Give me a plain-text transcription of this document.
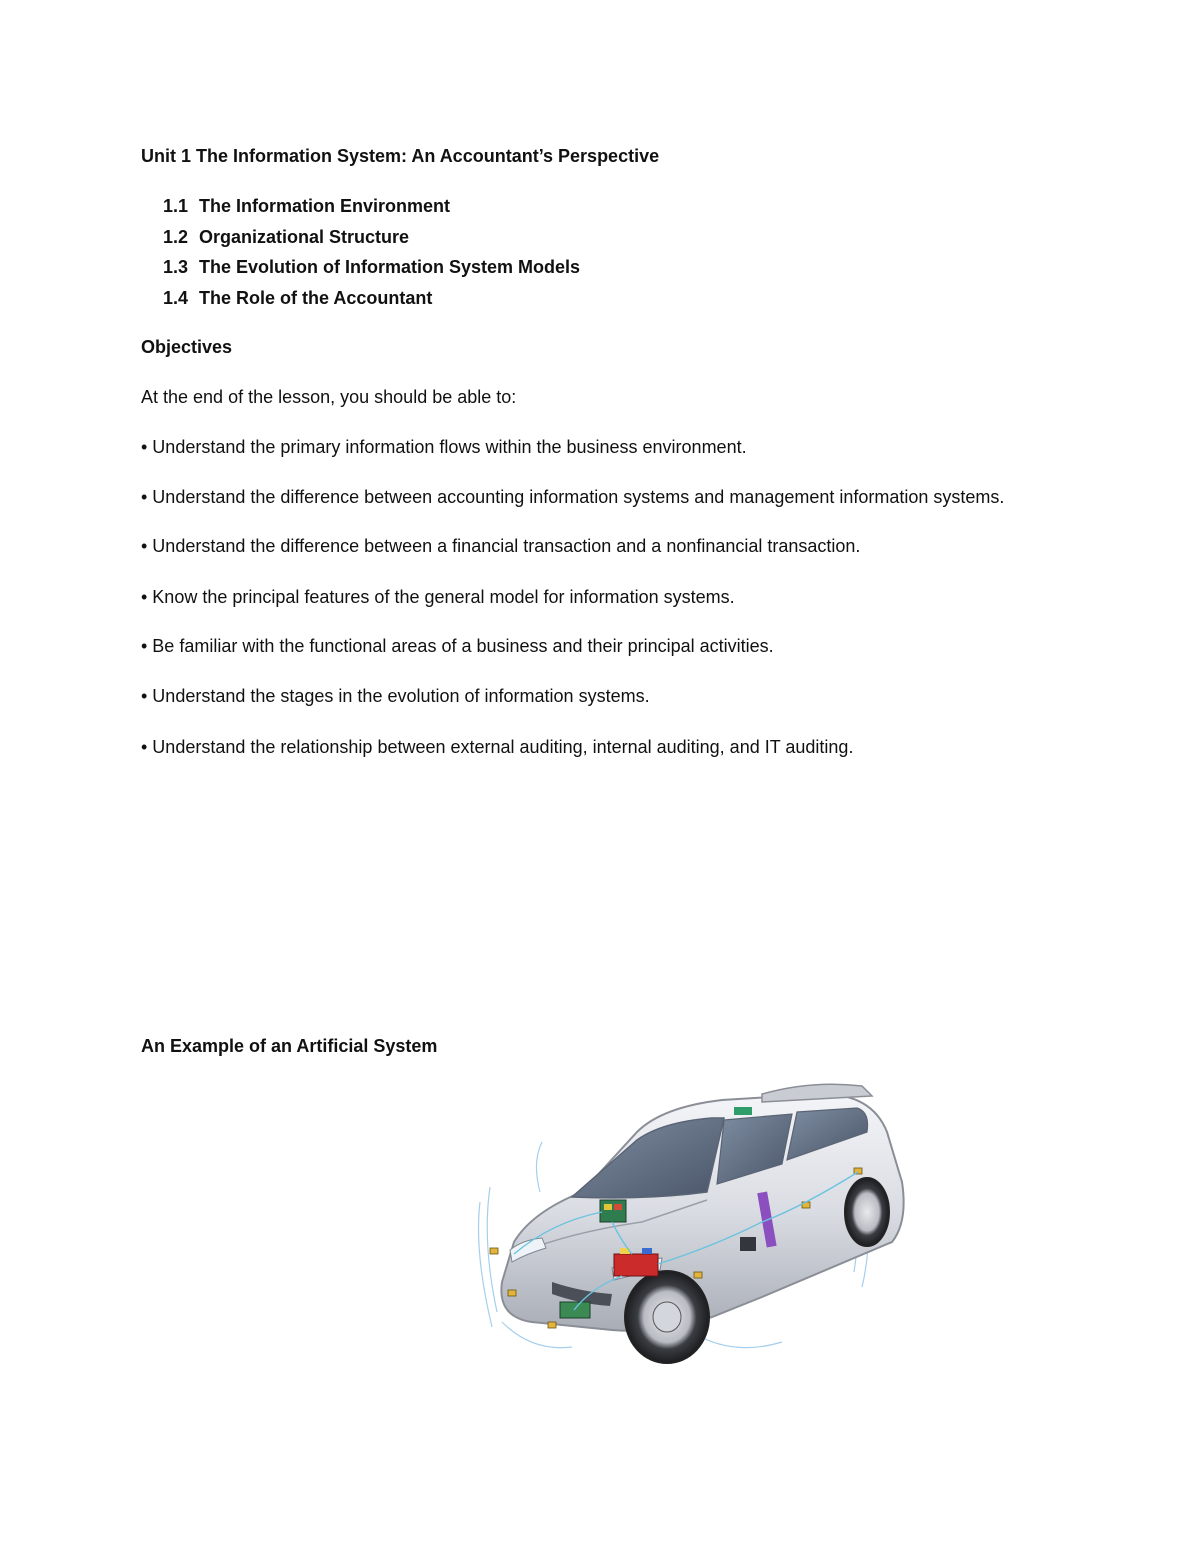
Unit 1 The Information System: An Accountant’s Perspective
1.1 The Information Environment
1.2 Organizational Structure
1.3 The Evolution of Information System Models
1.4 The Role of the Accountant
Objectives
At the end of the lesson, you should be able to:
• Understand the primary information flows within the business environment.
• Understand the difference between accounting information systems and management information systems.
• Understand the difference between a financial transaction and a nonfinancial transaction.
• Know the principal features of the general model for information systems.
• Be familiar with the functional areas of a business and their principal activities.
• Understand the stages in the evolution of information systems.
• Understand the relationship between external auditing, internal auditing, and IT auditing.
An Example of an Artificial System
